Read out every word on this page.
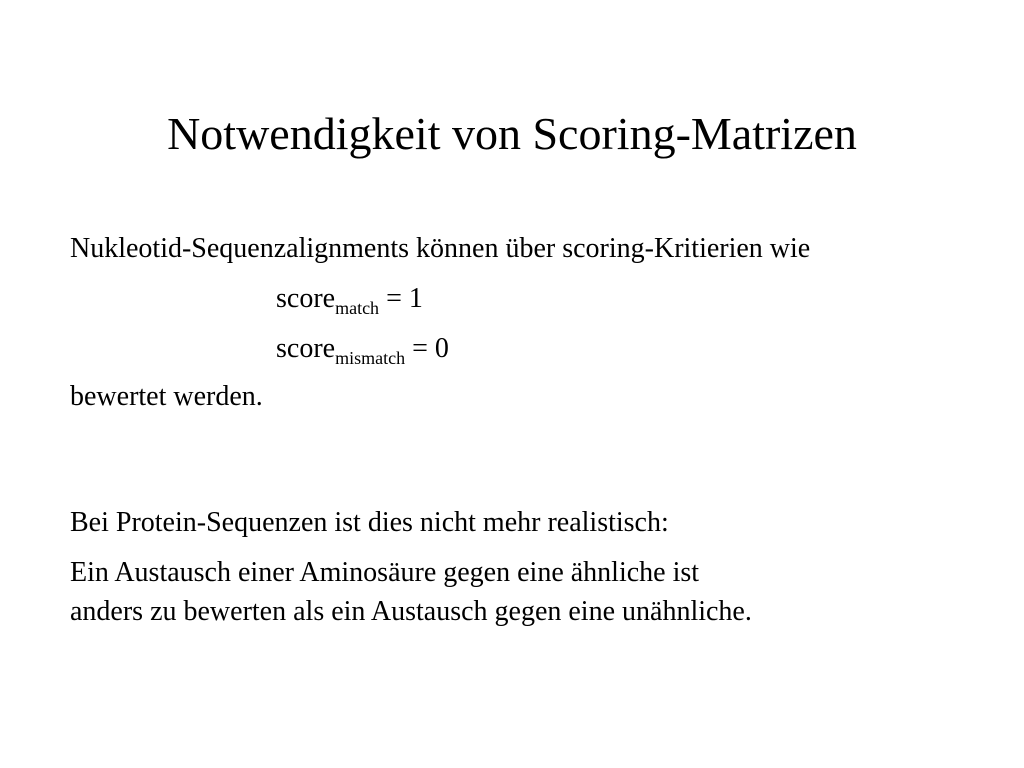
Notwendigkeit von Scoring-Matrizen
Nukleotid-Sequenzalignments können über scoring-Kritierien wie
score$_{match}$ = 1
score$_{mismatch}$ = 0
bewertet werden.
Bei Protein-Sequenzen ist dies nicht mehr realistisch:
Ein Austausch einer Aminosäure gegen eine ähnliche ist
anders zu bewerten als ein Austausch gegen eine unähnliche.
